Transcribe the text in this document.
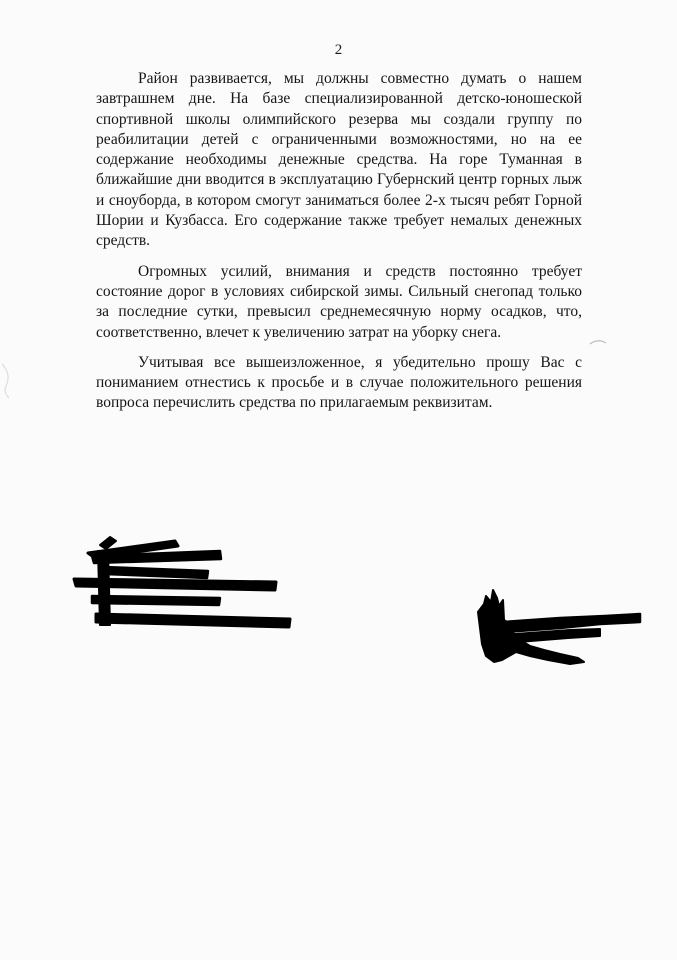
2

Район развивается, мы должны совместно думать о нашем завтрашнем дне. На базе специализированной детско-юношеской спортивной школы олимпийского резерва мы создали группу по реабилитации детей с ограниченными возможностями, но на ее содержание необходимы денежные средства. На горе Туманная в ближайшие дни вводится в эксплуатацию Губернский центр горных лыж и сноуборда, в котором смогут заниматься более 2-х тысяч ребят Горной Шории и Кузбасса. Его содержание также требует немалых денежных средств.

Огромных усилий, внимания и средств постоянно требует состояние дорог в условиях сибирской зимы. Сильный снегопад только за последние сутки, превысил среднемесячную норму осадков, что, соответственно, влечет к увеличению затрат на уборку снега.

Учитывая все вышеизложенное, я убедительно прошу Вас с пониманием отнестись к просьбе и в случае положительного решения вопроса перечислить средства по прилагаемым реквизитам.
